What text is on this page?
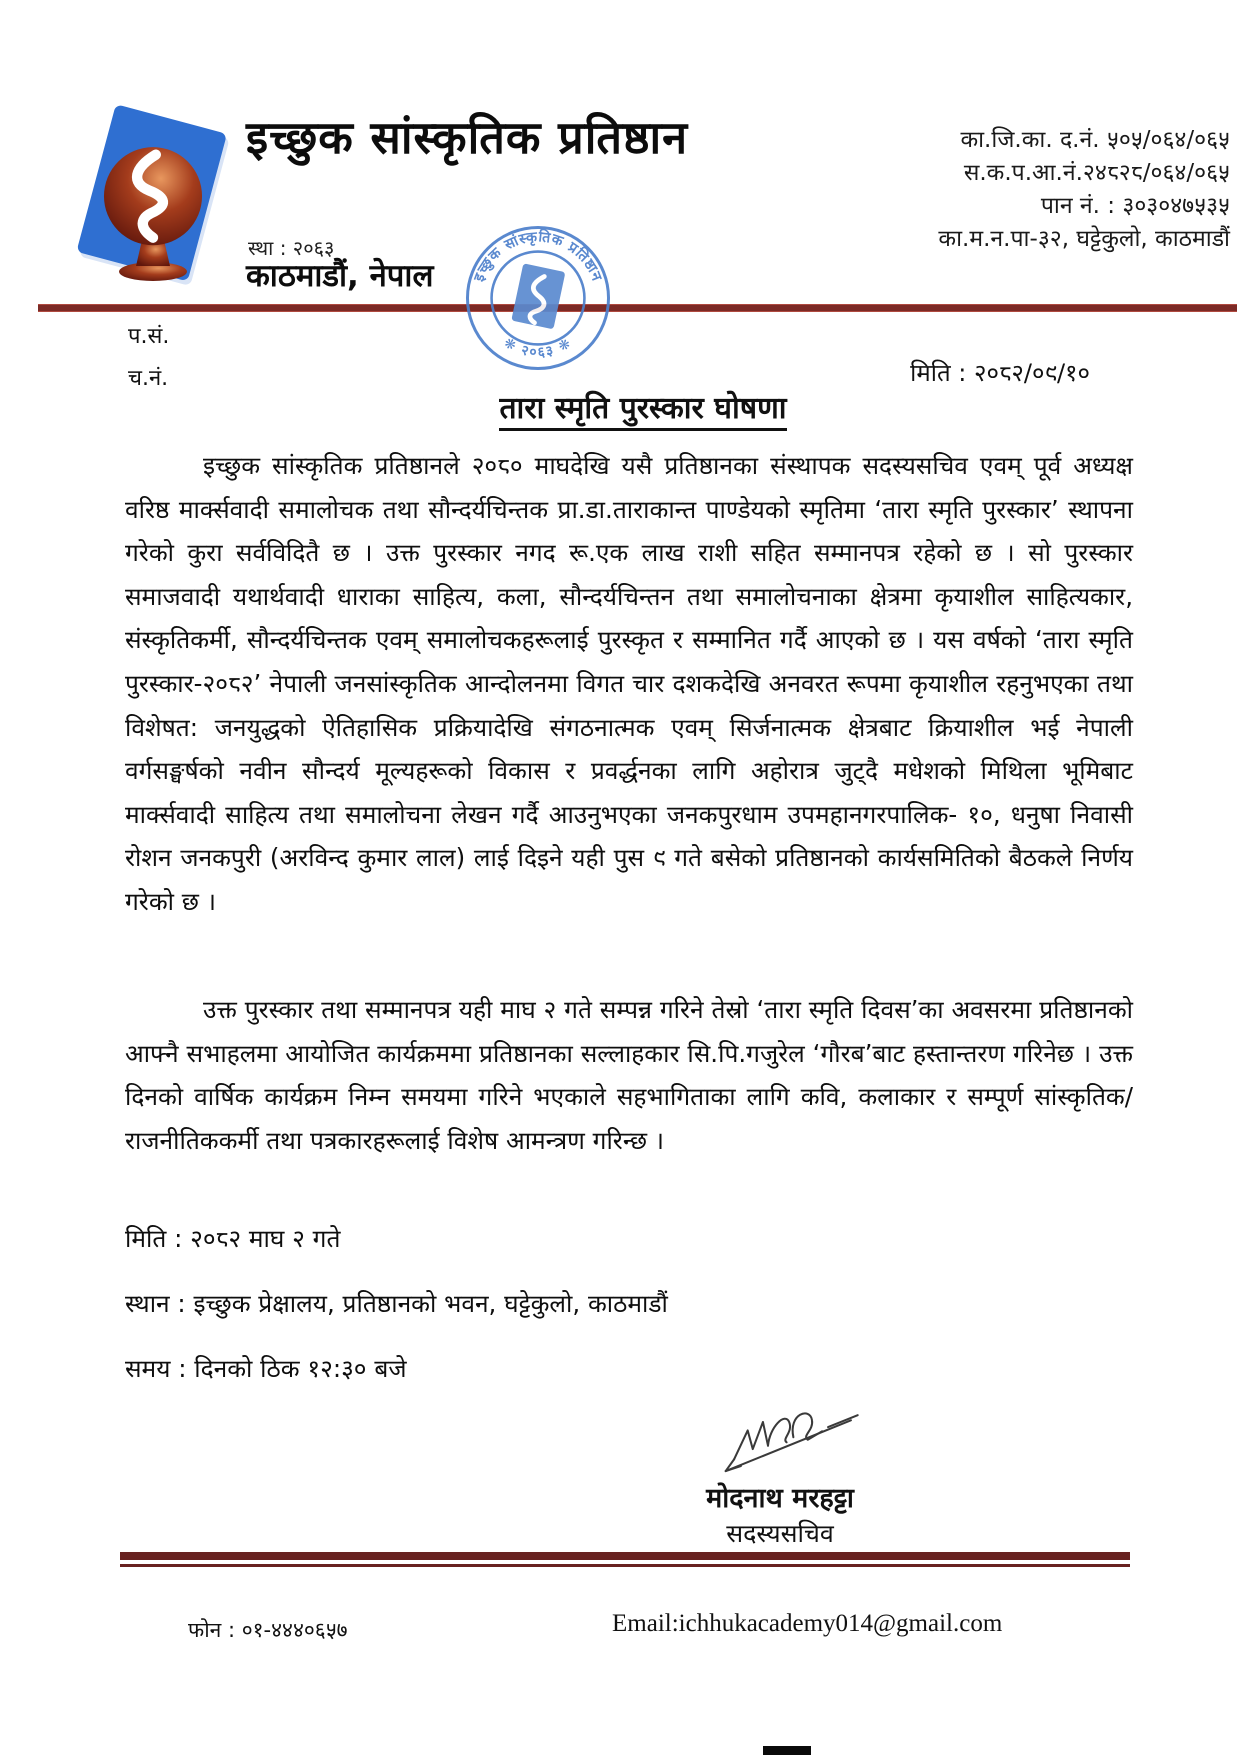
इच्छुक सांस्कृतिक प्रतिष्ठान
स्था : २०६३
काठमाडौं, नेपाल
का.जि.का. द.नं. ५०५/०६४/०६५
स.क.प.आ.नं.२४८२८/०६४/०६५
पान नं. : ३०३०४७५३५
का.म.न.पा-३२, घट्टेकुलो, काठमाडौं
इच्छुक सांस्कृतिक प्रतिष्ठान
❋ २०६३ ❋
प.सं.
च.नं.	मिति : २०८२/०९/१०
तारा स्मृति पुरस्कार घोषणा
इच्छुक सांस्कृतिक प्रतिष्ठानले २०८० माघदेखि यसै प्रतिष्ठानका संस्थापक सदस्यसचिव एवम् पूर्व अध्यक्ष वरिष्ठ मार्क्सवादी समालोचक तथा सौन्दर्यचिन्तक प्रा.डा.ताराकान्त पाण्डेयको स्मृतिमा ‘तारा स्मृति पुरस्कार’ स्थापना गरेको कुरा सर्वविदितै छ । उक्त पुरस्कार नगद रू.एक लाख राशी सहित सम्मानपत्र रहेको छ । सो पुरस्कार समाजवादी यथार्थवादी धाराका साहित्य, कला, सौन्दर्यचिन्तन तथा समालोचनाका क्षेत्रमा कृयाशील साहित्यकार, संस्कृतिकर्मी, सौन्दर्यचिन्तक एवम् समालोचकहरूलाई पुरस्कृत र सम्मानित गर्दै आएको छ । यस वर्षको ‘तारा स्मृति पुरस्कार-२०८२’ नेपाली जनसांस्कृतिक आन्दोलनमा विगत चार दशकदेखि अनवरत रूपमा कृयाशील रहनुभएका तथा विशेषत: जनयुद्धको ऐतिहासिक प्रक्रियादेखि संगठनात्मक एवम् सिर्जनात्मक क्षेत्रबाट क्रियाशील भई नेपाली वर्गसङ्घर्षको नवीन सौन्दर्य मूल्यहरूको विकास र प्रवर्द्धनका लागि अहोरात्र जुट्दै मधेशको मिथिला भूमिबाट मार्क्सवादी साहित्य तथा समालोचना लेखन गर्दै आउनुभएका जनकपुरधाम उपमहानगरपालिक- १०, धनुषा निवासी रोशन जनकपुरी (अरविन्द कुमार लाल) लाई दिइने यही पुस ९ गते बसेको प्रतिष्ठानको कार्यसमितिको बैठकले निर्णय गरेको छ ।
उक्त पुरस्कार तथा सम्मानपत्र यही माघ २ गते सम्पन्न गरिने तेस्रो ‘तारा स्मृति दिवस’का अवसरमा प्रतिष्ठानको आफ्नै सभाहलमा आयोजित कार्यक्रममा प्रतिष्ठानका सल्लाहकार सि.पि.गजुरेल ‘गौरब’बाट हस्तान्तरण गरिनेछ । उक्त दिनको वार्षिक कार्यक्रम निम्न समयमा गरिने भएकाले सहभागिताका लागि कवि, कलाकार र सम्पूर्ण सांस्कृतिक/राजनीतिककर्मी तथा पत्रकारहरूलाई विशेष आमन्त्रण गरिन्छ ।
मिति : २०८२ माघ २ गते
स्थान : इच्छुक प्रेक्षालय, प्रतिष्ठानको भवन, घट्टेकुलो, काठमाडौं
समय : दिनको ठिक १२:३० बजे
मोदनाथ मरहट्टा
सदस्यसचिव
फोन : ०१-४४४०६५७	Email:ichhukacademy014@gmail.com
